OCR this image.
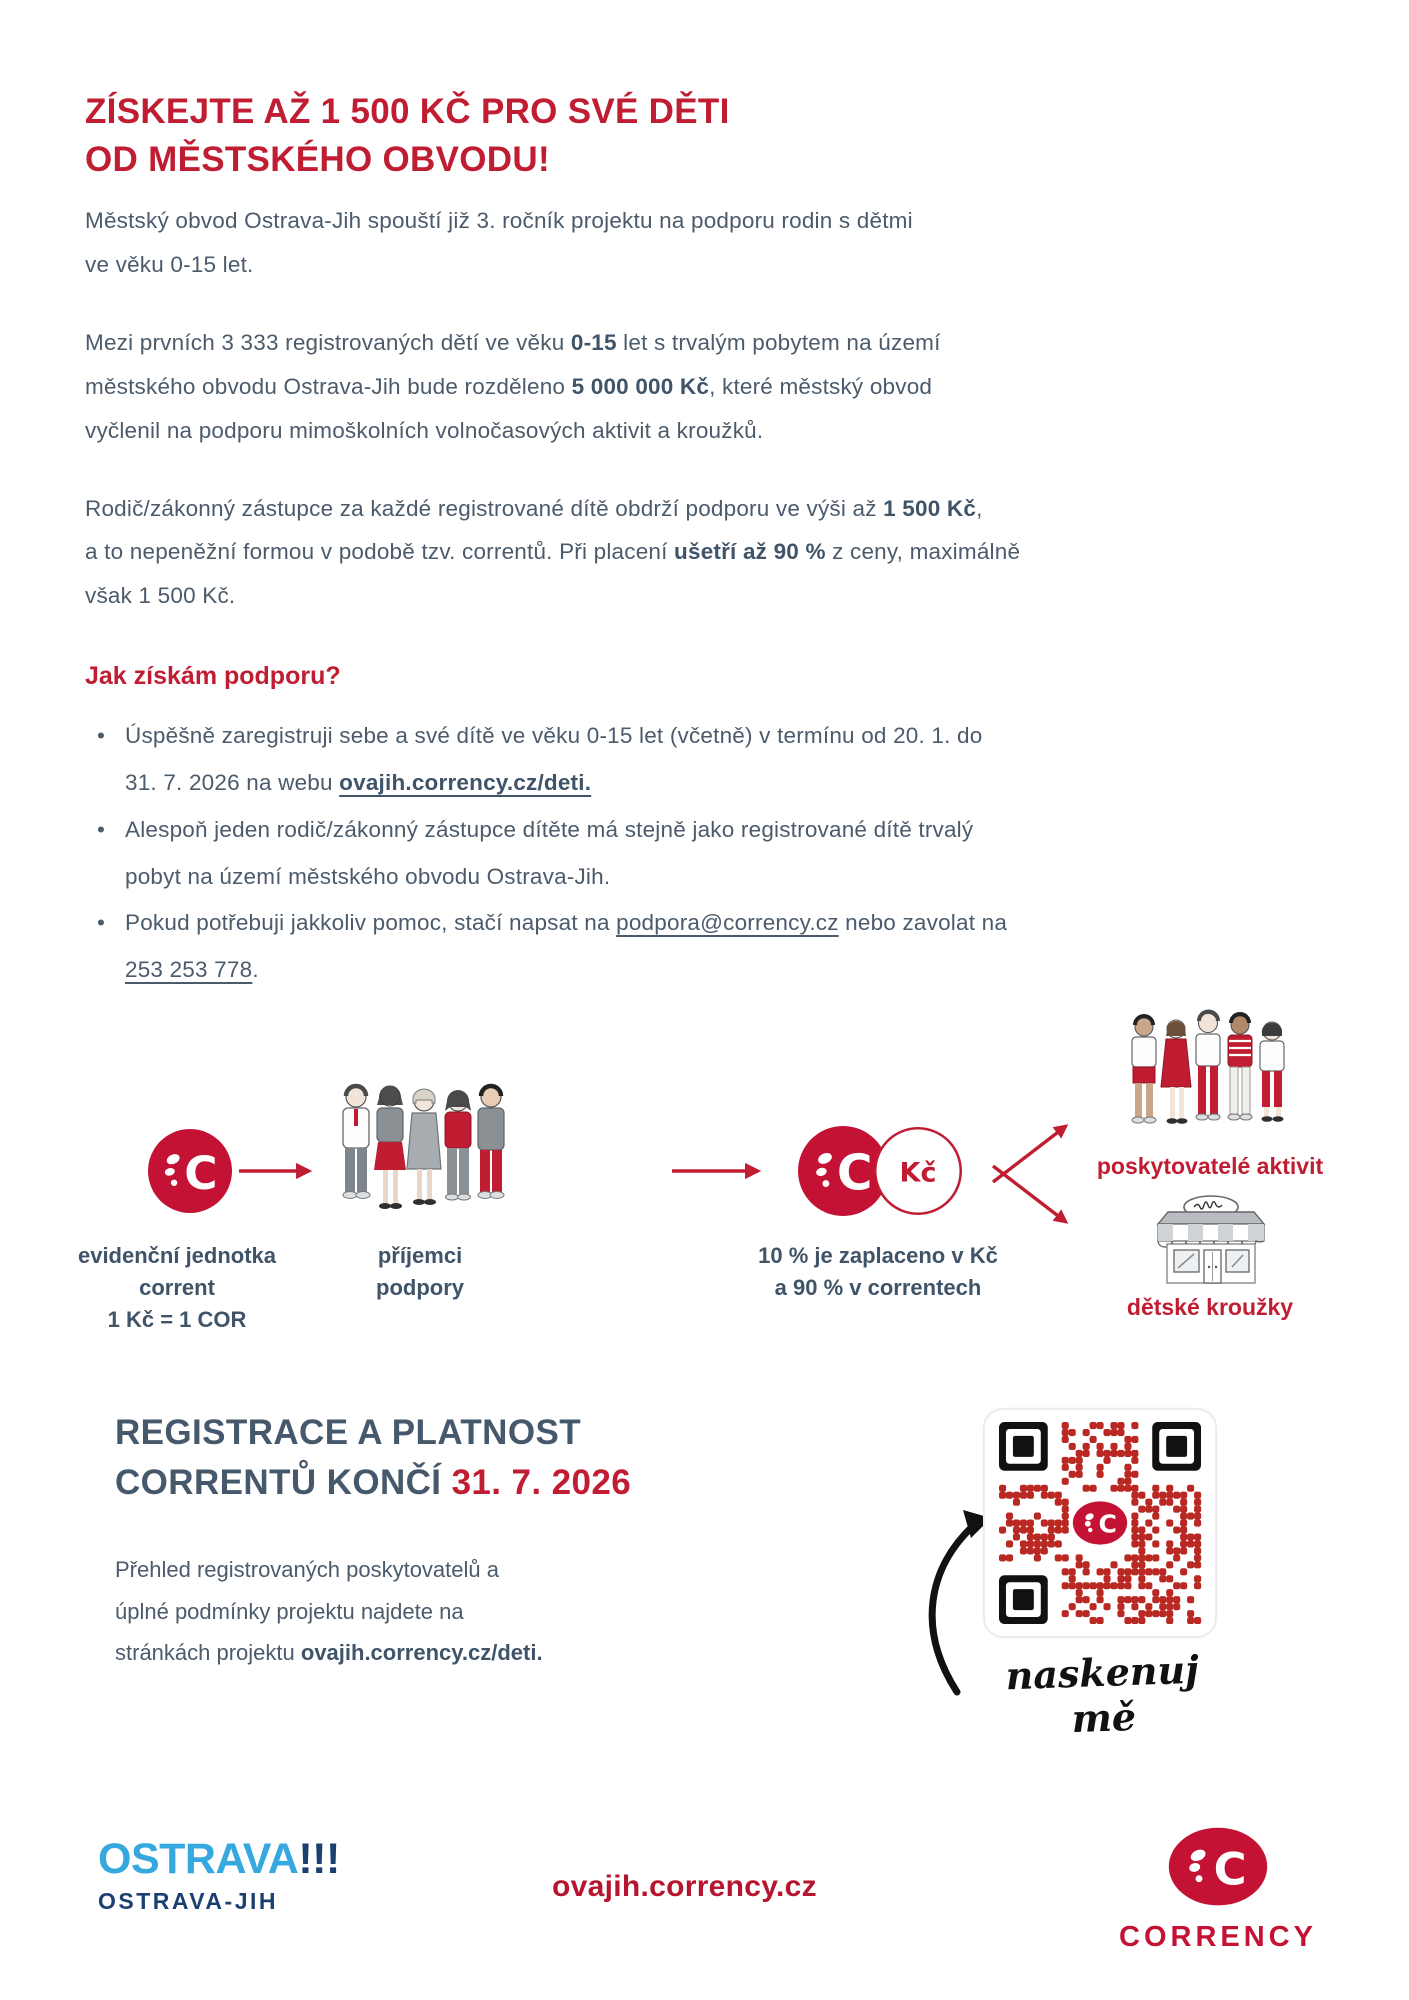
ZÍSKEJTE AŽ 1 500 KČ PRO SVÉ DĚTI
OD MĚSTSKÉHO OBVODU!

Městský obvod Ostrava-Jih spouští již 3. ročník projektu na podporu rodin s dětmi
ve věku 0-15 let.

Mezi prvních 3 333 registrovaných dětí ve věku 0-15 let s trvalým pobytem na území
městského obvodu Ostrava-Jih bude rozděleno 5 000 000 Kč, které městský obvod
vyčlenil na podporu mimoškolních volnočasových aktivit a kroužků.

Rodič/zákonný zástupce za každé registrované dítě obdrží podporu ve výši až 1 500 Kč,
a to nepeněžní formou v podobě tzv. correntů. Při placení ušetří až 90 % z ceny, maximálně
však 1 500 Kč.

Jak získám podporu?
• Úspěšně zaregistruji sebe a své dítě ve věku 0-15 let (včetně) v termínu od 20. 1. do
31. 7. 2026 na webu ovajih.corrency.cz/deti.
• Alespoň jeden rodič/zákonný zástupce dítěte má stejně jako registrované dítě trvalý
pobyt na území městského obvodu Ostrava-Jih.
• Pokud potřebuji jakkoliv pomoc, stačí napsat na podpora@corrency.cz nebo zavolat na
253 253 778.
C
evidenční jednotka corrent
1 Kč = 1 COR
příjemci
podpory
C Kč
10 % je zaplaceno v Kč
a 90 % v correntech
poskytovatelé aktivit
dětské kroužky
REGISTRACE A PLATNOST
CORRENTŮ KONČÍ 31. 7. 2026

Přehled registrovaných poskytovatelů a
úplné podmínky projektu najdete na
stránkách projektu ovajih.corrency.cz/deti.

C
naskenuj mě
OSTRAVA!!!
OSTRAVA-JIH	ovajih.corrency.cz	C
CORRENCY
